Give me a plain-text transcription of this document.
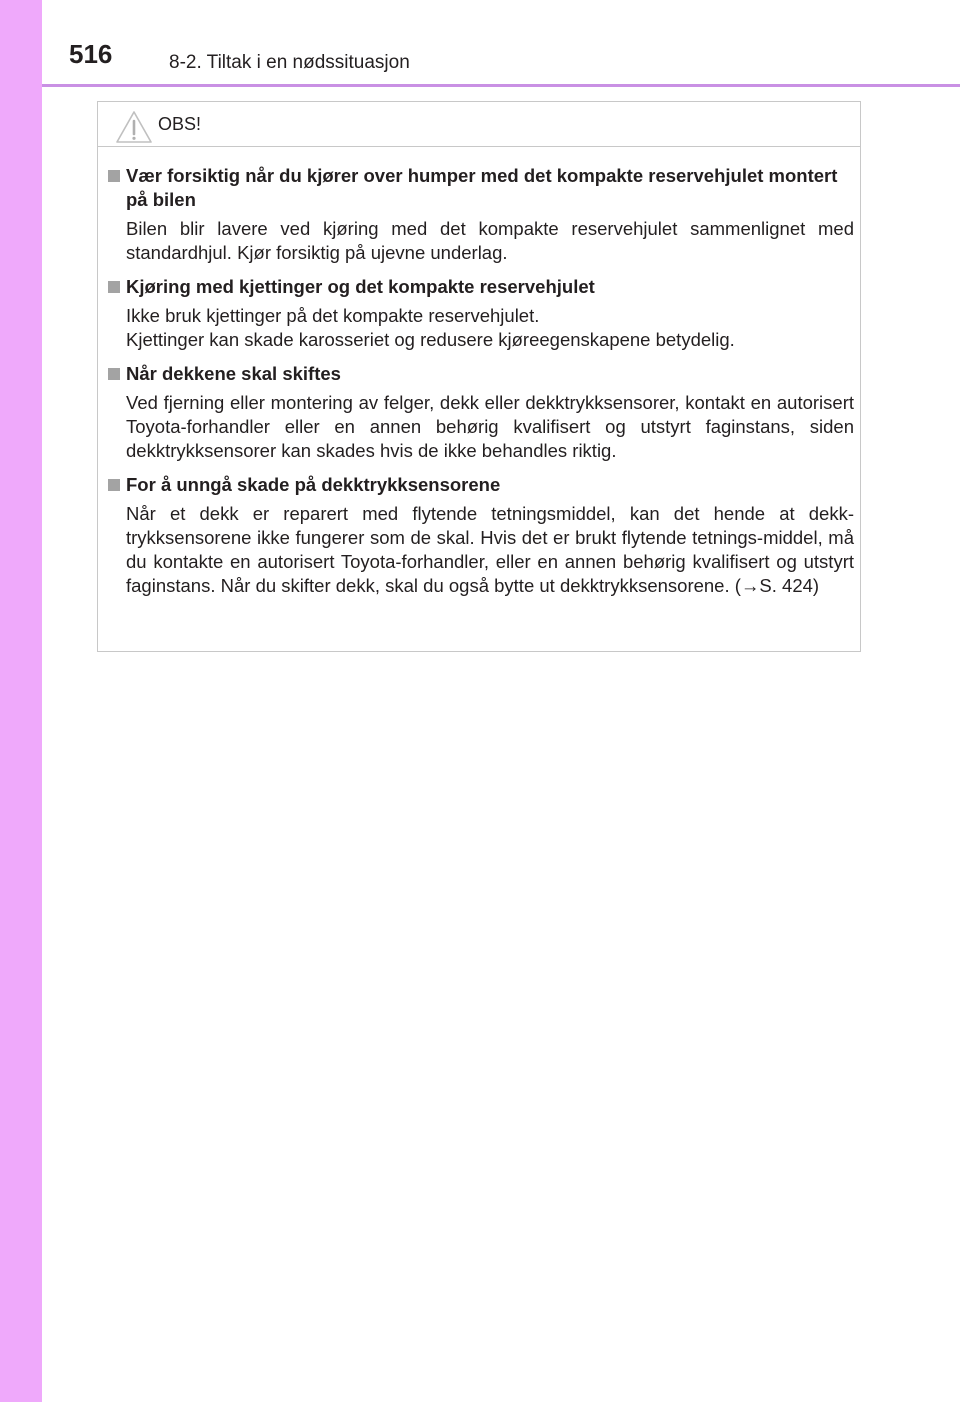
516	8-2. Tiltak i en nødssituasjon
OBS!
Vær forsiktig når du kjører over humper med det kompakte reservehjulet montert på bilen

Bilen blir lavere ved kjøring med det kompakte reservehjulet sammenlignet med standardhjul. Kjør forsiktig på ujevne underlag.

Kjøring med kjettinger og det kompakte reservehjulet

Ikke bruk kjettinger på det kompakte reservehjulet.

Kjettinger kan skade karosseriet og redusere kjøreegenskapene betydelig.

Når dekkene skal skiftes

Ved fjerning eller montering av felger, dekk eller dekktrykksensorer, kontakt en autorisert Toyota-forhandler eller en annen behørig kvalifisert og utstyrt faginstans, siden dekktrykksensorer kan skades hvis de ikke behandles riktig.

For å unngå skade på dekktrykksensorene

Når et dekk er reparert med flytende tetningsmiddel, kan det hende at dekk-trykksensorene ikke fungerer som de skal. Hvis det er brukt flytende tetnings-middel, må du kontakte en autorisert Toyota-forhandler, eller en annen behørig kvalifisert og utstyrt faginstans. Når du skifter dekk, skal du også bytte ut dekktrykksensorene. (→S. 424)
